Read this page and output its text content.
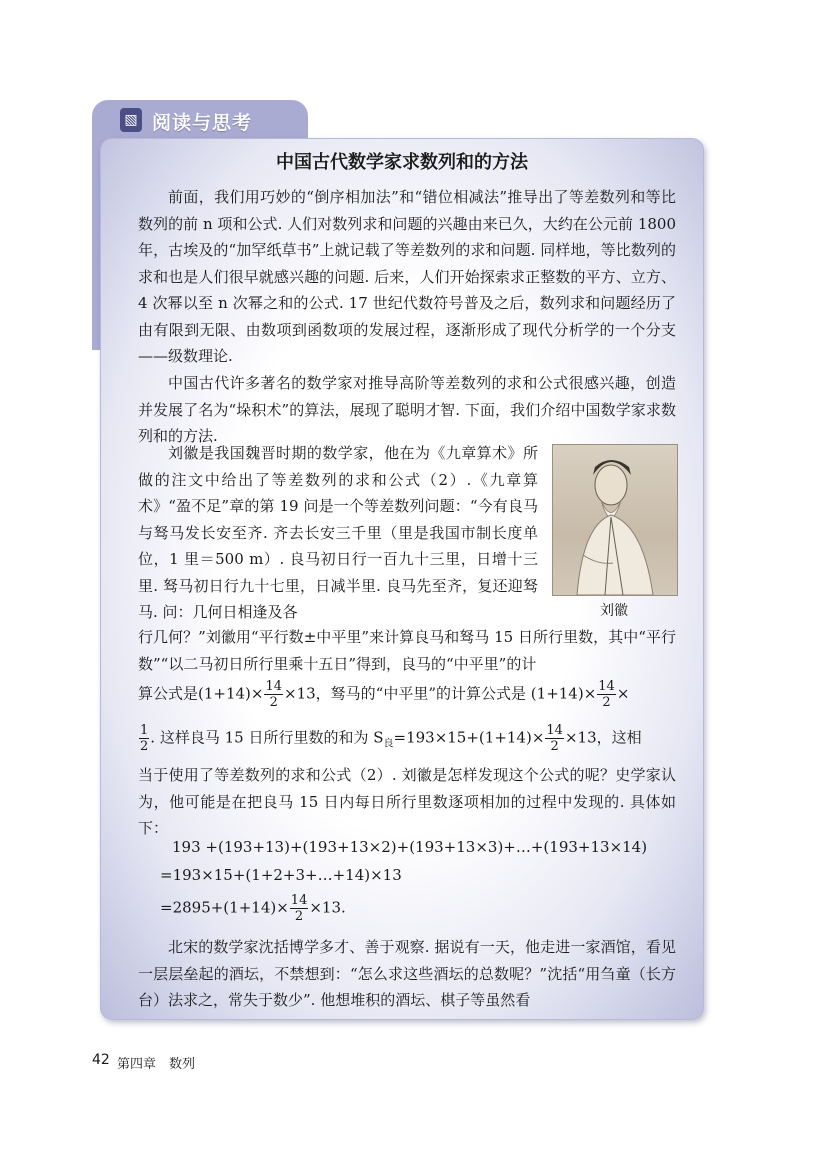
▧ 阅读与思考
中国古代数学家求数列和的方法

前面，我们用巧妙的“倒序相加法”和“错位相减法”推导出了等差数列和等比数列的前 n 项和公式. 人们对数列求和问题的兴趣由来已久，大约在公元前 1800 年，古埃及的“加罕纸草书”上就记载了等差数列的求和问题. 同样地，等比数列的求和也是人们很早就感兴趣的问题. 后来，人们开始探索求正整数的平方、立方、4 次幂以至 n 次幂之和的公式. 17 世纪代数符号普及之后，数列求和问题经历了由有限到无限、由数项到函数项的发展过程，逐渐形成了现代分析学的一个分支——级数理论.

中国古代许多著名的数学家对推导高阶等差数列的求和公式很感兴趣，创造并发展了名为“垛积术”的算法，展现了聪明才智. 下面，我们介绍中国数学家求数列和的方法.

刘徽是我国魏晋时期的数学家，他在为《九章算术》所做的注文中给出了等差数列的求和公式（2）.《九章算术》“盈不足”章的第 19 问是一个等差数列问题：“今有良马与驽马发长安至齐. 齐去长安三千里（里是我国市制长度单位，1 里＝500 m）. 良马初日行一百九十三里，日增十三里. 驽马初日行九十七里，日减半里. 良马先至齐，复还迎驽马. 问：几何日相逢及各	刘徽

行几何？”刘徽用“平行数±中平里”来计算良马和驽马 15 日所行里数，其中“平行数”“以二马初日所行里乘十五日”得到，良马的“中平里”的计

算公式是$(1+14)\times \frac{14}{2} \times 13$，驽马的“中平里”的计算公式是 $(1+14)\times \frac{14}{2}$ ×
$\frac{1}{2}$ . 这样良马 15 日所行里数的和为 $S_良=193\times 15+(1+14)\times \frac{14}{2} \times 13$，这相

当于使用了等差数列的求和公式（2）. 刘徽是怎样发现这个公式的呢？史学家认为，他可能是在把良马 15 日内每日所行里数逐项相加的过程中发现的. 具体如下：

193 +(193+13)+(193+13×2)+(193+13×3)+…+(193+13×14)
=193×15+(1+2+3+…+14)×13
$=2895+(1+14)\times \frac{14}{2} \times 13$.

北宋的数学家沈括博学多才、善于观察. 据说有一天，他走进一家酒馆，看见一层层垒起的酒坛，不禁想到：“怎么求这些酒坛的总数呢？”沈括“用刍童（长方台）法求之，常失于数少”. 他想堆积的酒坛、棋子等虽然看

42 第四章　数列
